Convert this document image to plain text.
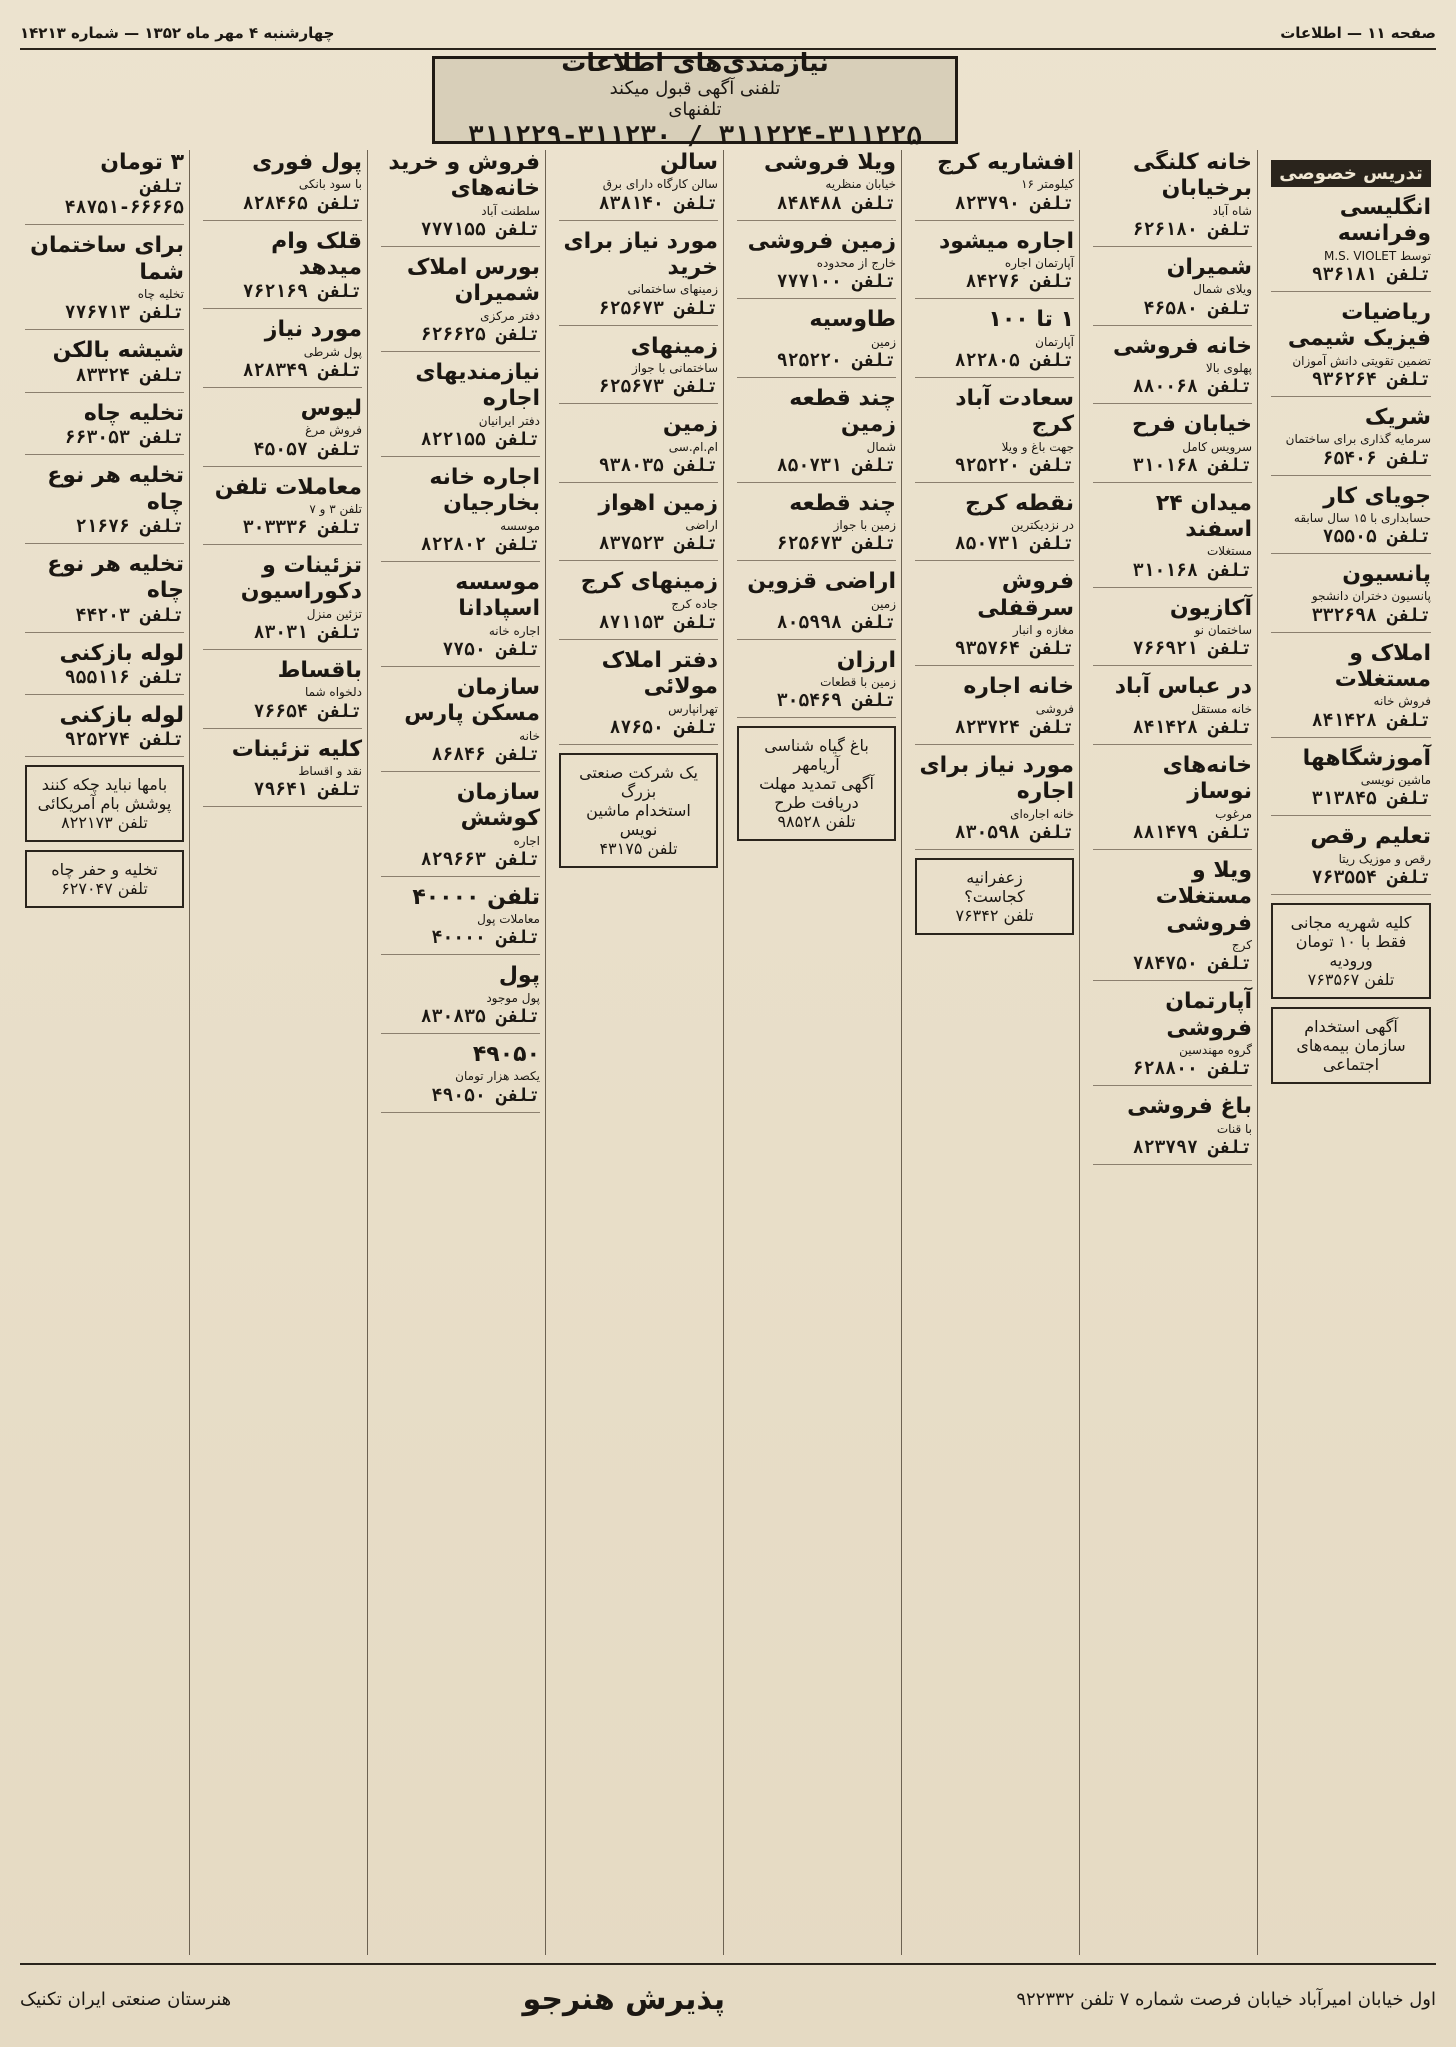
صفحه ۱۱ — اطلاعات
چهارشنبه ۴ مهر ماه ۱۳۵۲ — شماره ۱۴۲۱۳
نیازمندی‌های اطلاعات
تلفنی آگهی قبول میکند
تلفنهای
۳۱۱۲۲۴-۳۱۱۲۲۵ / ۳۱۱۲۲۹-۳۱۱۲۳۰
تدریس خصوصی
انگلیسی وفرانسه
توسط M.S. VIOLET
تلفن ۹۳۶۱۸۱
ریاضیات فیزیک شیمی
تضمین تقویتی دانش آموزان
تلفن ۹۳۶۲۶۴
شریک
سرمایه گذاری برای ساختمان
تلفن ۶۵۴۰۶
جویای کار
حسابداری با ۱۵ سال سابقه
تلفن ۷۵۵۰۵
پانسیون
پانسیون دختران دانشجو
تلفن ۳۳۲۶۹۸
املاک و مستغلات
فروش خانه
تلفن ۸۴۱۴۲۸
آموزشگاهها
ماشین نویسی
تلفن ۳۱۳۸۴۵
تعلیم رقص
رقص و موزیک ریتا
تلفن ۷۶۳۵۵۴
کلیه شهریه مجانی
فقط با ۱۰ تومان ورودیه
تلفن ۷۶۳۵۶۷
آگهی استخدام
سازمان بیمه‌های اجتماعی
خانه کلنگی برخیابان
شاه آباد
تلفن ۶۲۶۱۸۰
شمیران
ویلای شمال
تلفن ۴۶۵۸۰
خانه فروشی
پهلوی بالا
تلفن ۸۸۰۰۶۸
خیابان فرح
سرویس کامل
تلفن ۳۱۰۱۶۸
میدان ۲۴ اسفند
مستغلات
تلفن ۳۱۰۱۶۸
آکازیون
ساختمان نو
تلفن ۷۶۶۹۲۱
در عباس آباد
خانه مستقل
تلفن ۸۴۱۴۲۸
خانه‌های نوساز
مرغوب
تلفن ۸۸۱۴۷۹
ویلا و مستغلات فروشی
کرج
تلفن ۷۸۴۷۵۰
آپارتمان فروشی
گروه مهندسین
تلفن ۶۲۸۸۰۰
باغ فروشی
با قنات
تلفن ۸۲۳۷۹۷
افشاریه کرج
کیلومتر ۱۶
تلفن ۸۲۳۷۹۰
اجاره میشود
آپارتمان اجاره
تلفن ۸۴۲۷۶
۱ تا ۱۰۰
آپارتمان
تلفن ۸۲۲۸۰۵
سعادت آباد کرج
جهت باغ و ویلا
تلفن ۹۲۵۲۲۰
نقطه کرج
در نزدیکترین
تلفن ۸۵۰۷۳۱
فروش سرقفلی
مغازه و انبار
تلفن ۹۳۵۷۶۴
خانه اجاره
فروشی
تلفن ۸۲۳۷۲۴
مورد نیاز برای اجاره
خانه اجاره‌ای
تلفن ۸۳۰۵۹۸
زعفرانیه
کجاست؟
تلفن ۷۶۳۴۲
ویلا فروشی
خیابان منظریه
تلفن ۸۴۸۴۸۸
زمین فروشی
خارج از محدوده
تلفن ۷۷۷۱۰۰
طاوسیه
زمین
تلفن ۹۲۵۲۲۰
چند قطعه زمین
شمال
تلفن ۸۵۰۷۳۱
چند قطعه
زمین با جواز
تلفن ۶۲۵۶۷۳
اراضی قزوین
زمین
تلفن ۸۰۵۹۹۸
ارزان
زمین با قطعات
تلفن ۳۰۵۴۶۹
باغ گیاه شناسی آریامهر
آگهی تمدید مهلت دریافت طرح
تلفن ۹۸۵۲۸
سالن
سالن کارگاه دارای برق
تلفن ۸۳۸۱۴۰
مورد نیاز برای خرید
زمینهای ساختمانی
تلفن ۶۲۵۶۷۳
زمینهای
ساختمانی با جواز
تلفن ۶۲۵۶۷۳
زمین
ام.ام.سی
تلفن ۹۳۸۰۳۵
زمین اهواز
اراضی
تلفن ۸۳۷۵۲۳
زمینهای کرج
جاده کرج
تلفن ۸۷۱۱۵۳
دفتر املاک مولائی
تهرانپارس
تلفن ۸۷۶۵۰
یک شرکت صنعتی بزرگ
استخدام ماشین نویس
تلفن ۴۳۱۷۵
فروش و خرید خانه‌های
سلطنت آباد
تلفن ۷۷۷۱۵۵
بورس املاک شمیران
دفتر مرکزی
تلفن ۶۲۶۶۲۵
نیازمندیهای اجاره
دفتر ایرانیان
تلفن ۸۲۲۱۵۵
اجاره خانه بخارجیان
موسسه
تلفن ۸۲۲۸۰۲
موسسه اسپادانا
اجاره خانه
تلفن ۷۷۵۰
سازمان مسکن پارس
خانه
تلفن ۸۶۸۴۶
سازمان کوشش
اجاره
تلفن ۸۲۹۶۶۳
تلفن ۴۰۰۰۰
معاملات پول
تلفن ۴۰۰۰۰
پول
پول موجود
تلفن ۸۳۰۸۳۵
۴۹۰۵۰
یکصد هزار تومان
تلفن ۴۹۰۵۰
پول فوری
با سود بانکی
تلفن ۸۲۸۴۶۵
قلک وام میدهد
تلفن ۷۶۲۱۶۹
مورد نیاز
پول شرطی
تلفن ۸۲۸۳۴۹
لیوس
فروش مرغ
تلفن ۴۵۰۵۷
معاملات تلفن
تلفن ۳ و ۷
تلفن ۳۰۳۳۳۶
تزئینات و دکوراسیون
تزئین منزل
تلفن ۸۳۰۳۱
باقساط
دلخواه شما
تلفن ۷۶۶۵۴
کلیه تزئینات
نقد و اقساط
تلفن ۷۹۶۴۱
۳ تومان
تلفن ۶۶۶۶۵-۴۸۷۵۱
برای ساختمان شما
تخلیه چاه
تلفن ۷۷۶۷۱۳
شیشه بالکن
تلفن ۸۳۳۲۴
تخلیه چاه
تلفن ۶۶۳۰۵۳
تخلیه هر نوع چاه
تلفن ۲۱۶۷۶
تخلیه هر نوع چاه
تلفن ۴۴۲۰۳
لوله بازکنی
تلفن ۹۵۵۱۱۶
لوله بازکنی
تلفن ۹۲۵۲۷۴
بامها نباید چکه کنند
پوشش بام آمریکائی
تلفن ۸۲۲۱۷۳
تخلیه و حفر چاه
تلفن ۶۲۷۰۴۷
اول خیابان امیرآباد خیابان فرصت شماره ۷ تلفن ۹۲۲۳۳۲
پذیرش هنرجو
هنرستان صنعتی ایران تکنیک
